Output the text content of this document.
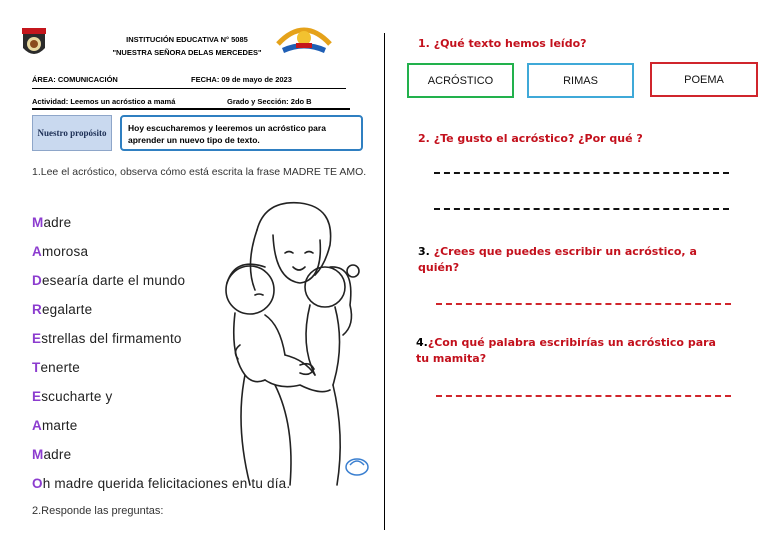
INSTITUCIÓN EDUCATIVA N° 5085
"NUESTRA SEÑORA DELAS MERCEDES"
ÁREA: COMUNICACIÓN	FECHA: 09 de mayo de 2023
Actividad: Leemos un acróstico a mamá	Grado y Sección: 2do B
Nuestro propósito	Hoy escucharemos y leeremos un acróstico para aprender un nuevo tipo de texto.
1.Lee el acróstico, observa cómo está escrita la frase MADRE TE AMO.
Madre
Amorosa
Desearía darte el mundo
Regalarte
Estrellas del firmamento
Tenerte
Escucharte y
Amarte
Madre
Oh madre querida felicitaciones en tu día.
2.Responde las preguntas:
1. ¿Qué texto hemos leído?
ACRÓSTICO	RIMAS	POEMA
2. ¿Te gusto el acróstico? ¿Por qué ?
3. ¿Crees que puedes escribir un acróstico, a quién?
4.¿Con qué palabra escribirías un acróstico para tu mamita?
